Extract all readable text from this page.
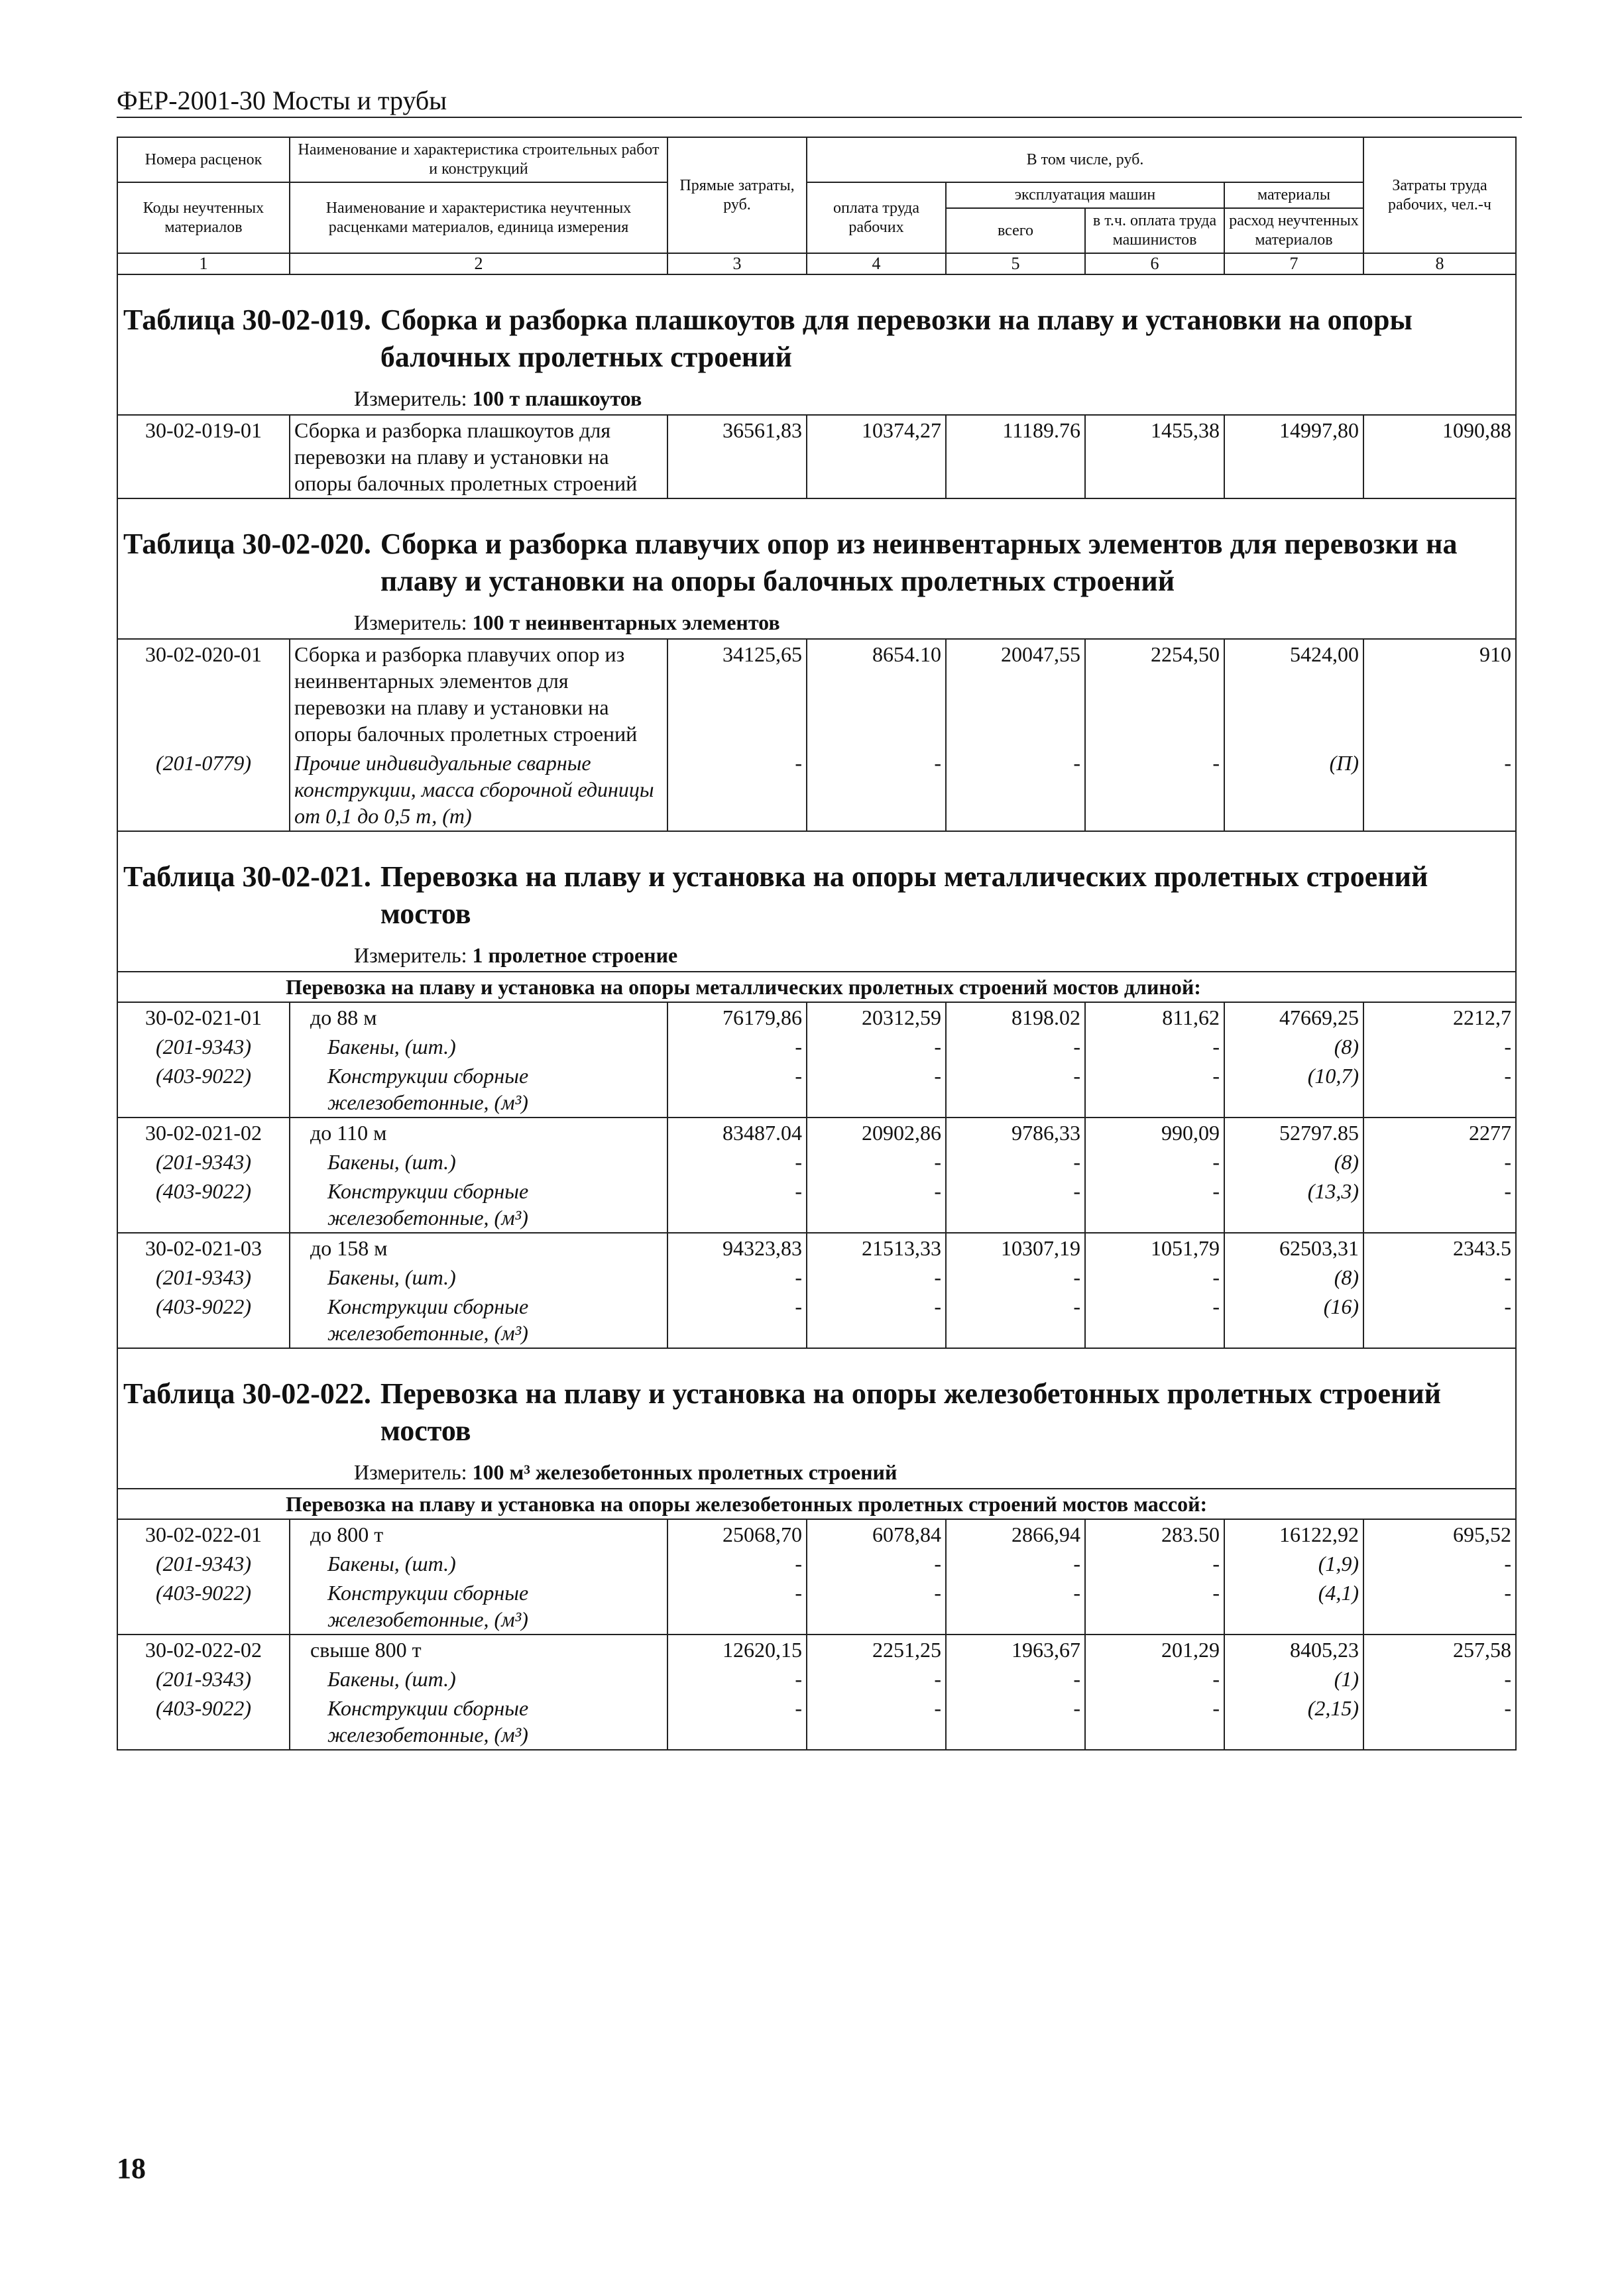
ФЕР-2001-30 Мосты и трубы
Номера расценок	Наименование и характеристика строительных работ и конструкций	Прямые затраты, руб.	В том числе, руб.				Затраты труда рабочих, чел.-ч
Коды неучтенных материалов	Наименование и характеристика неучтенных расценками материалов, единица измерения		оплата труда рабочих	эксплуатация машин		материалы	
				всего	в т.ч. оплата труда машинистов	расход неучтенных материалов	
1	2	3	4	5	6	7	8

Таблица 30-02-019. Сборка и разборка плашкоутов для перевозки на плаву и установки на опоры балочных пролетных строений
Измеритель: 100 т плашкоутов							

30-02-019-01	Сборка и разборка плашкоутов для перевозки на плаву и установки на опоры балочных пролетных строений	36561,83	10374,27	11189.76	1455,38	14997,80	1090,88

Таблица 30-02-020. Сборка и разборка плавучих опор из неинвентарных элементов для перевозки на плаву и установки на опоры балочных пролетных строений
Измеритель: 100 т неинвентарных элементов							

30-02-020-01	Сборка и разборка плавучих опор из неинвентарных элементов для перевозки на плаву и установки на опоры балочных пролетных строений	34125,65	8654.10	20047,55	2254,50	5424,00	910
(201-0779)	Прочие индивидуальные сварные конструкции, масса сборочной единицы от 0,1 до 0,5 т, (т)	-	-	-	-	(П)	-

Таблица 30-02-021. Перевозка на плаву и установка на опоры металлических пролетных строений мостов
Измеритель: 1 пролетное строение							

Перевозка на плаву и установка на опоры металлических пролетных строений мостов длиной:							
30-02-021-01	до 88 м	76179,86	20312,59	8198.02	811,62	47669,25	2212,7
(201-9343)	Бакены, (шт.)	-	-	-	-	(8)	-
(403-9022)	Конструкции сборные железобетонные, (м³)	-	-	-	-	(10,7)	-
30-02-021-02	до 110 м	83487.04	20902,86	9786,33	990,09	52797.85	2277
(201-9343)	Бакены, (шт.)	-	-	-	-	(8)	-
(403-9022)	Конструкции сборные железобетонные, (м³)	-	-	-	-	(13,3)	-
30-02-021-03	до 158 м	94323,83	21513,33	10307,19	1051,79	62503,31	2343.5
(201-9343)	Бакены, (шт.)	-	-	-	-	(8)	-
(403-9022)	Конструкции сборные железобетонные, (м³)	-	-	-	-	(16)	-

Таблица 30-02-022. Перевозка на плаву и установка на опоры железобетонных пролетных строений мостов
Измеритель: 100 м³ железобетонных пролетных строений							

Перевозка на плаву и установка на опоры железобетонных пролетных строений мостов массой:							
30-02-022-01	до 800 т	25068,70	6078,84	2866,94	283.50	16122,92	695,52
(201-9343)	Бакены, (шт.)	-	-	-	-	(1,9)	-
(403-9022)	Конструкции сборные железобетонные, (м³)	-	-	-	-	(4,1)	-
30-02-022-02	свыше 800 т	12620,15	2251,25	1963,67	201,29	8405,23	257,58
(201-9343)	Бакены, (шт.)	-	-	-	-	(1)	-
(403-9022)	Конструкции сборные железобетонные, (м³)	-	-	-	-	(2,15)	-
18
